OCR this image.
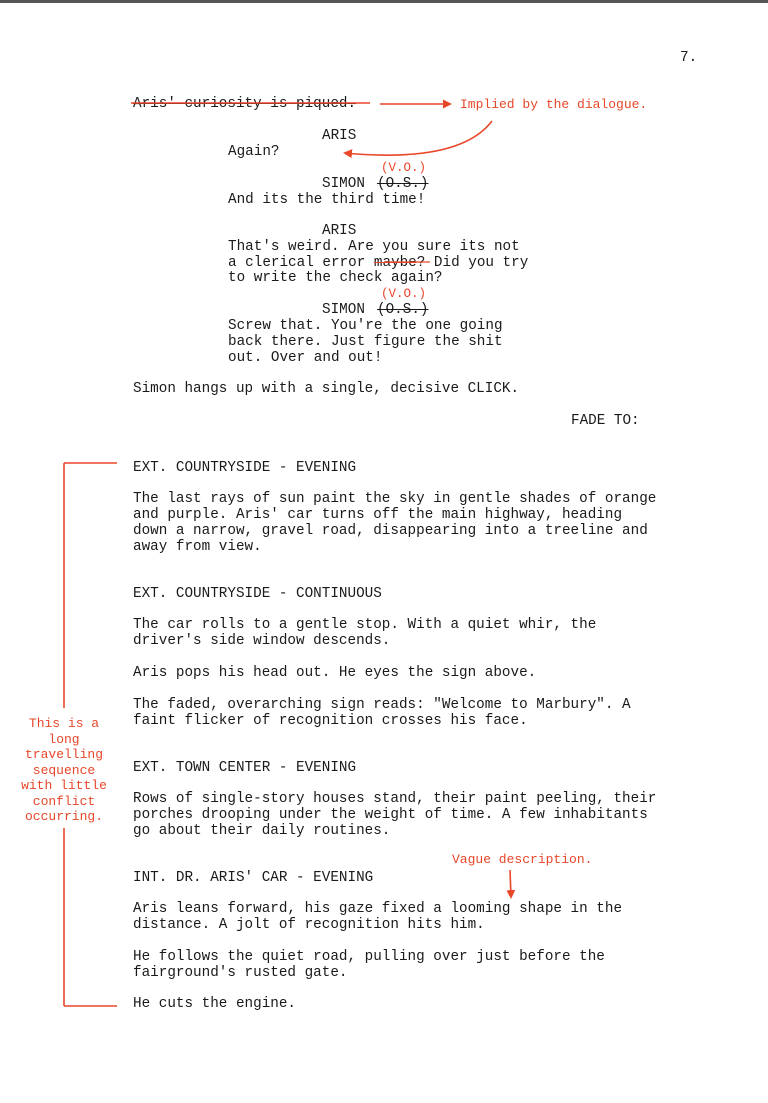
7.
Aris' curiosity is piqued.
ARIS
Again?
SIMON (O.S.)
And its the third time!
ARIS
That's weird. Are you sure its not
a clerical error maybe? Did you try
to write the check again?
SIMON (O.S.)
Screw that. You're the one going
back there. Just figure the shit
out. Over and out!
Simon hangs up with a single, decisive CLICK.
FADE TO:
EXT. COUNTRYSIDE - EVENING
The last rays of sun paint the sky in gentle shades of orange
and purple. Aris' car turns off the main highway, heading
down a narrow, gravel road, disappearing into a treeline and
away from view.
EXT. COUNTRYSIDE - CONTINUOUS
The car rolls to a gentle stop. With a quiet whir, the
driver's side window descends.
Aris pops his head out. He eyes the sign above.
The faded, overarching sign reads: "Welcome to Marbury". A
faint flicker of recognition crosses his face.
EXT. TOWN CENTER - EVENING
Rows of single-story houses stand, their paint peeling, their
porches drooping under the weight of time. A few inhabitants
go about their daily routines.
INT. DR. ARIS' CAR - EVENING
Aris leans forward, his gaze fixed a looming shape in the
distance. A jolt of recognition hits him.
He follows the quiet road, pulling over just before the
fairground's rusted gate.
He cuts the engine.
Implied by the dialogue.
(V.O.)
(V.O.)
Vague description.
This is a
long
travelling
sequence
with little
conflict
occurring.
